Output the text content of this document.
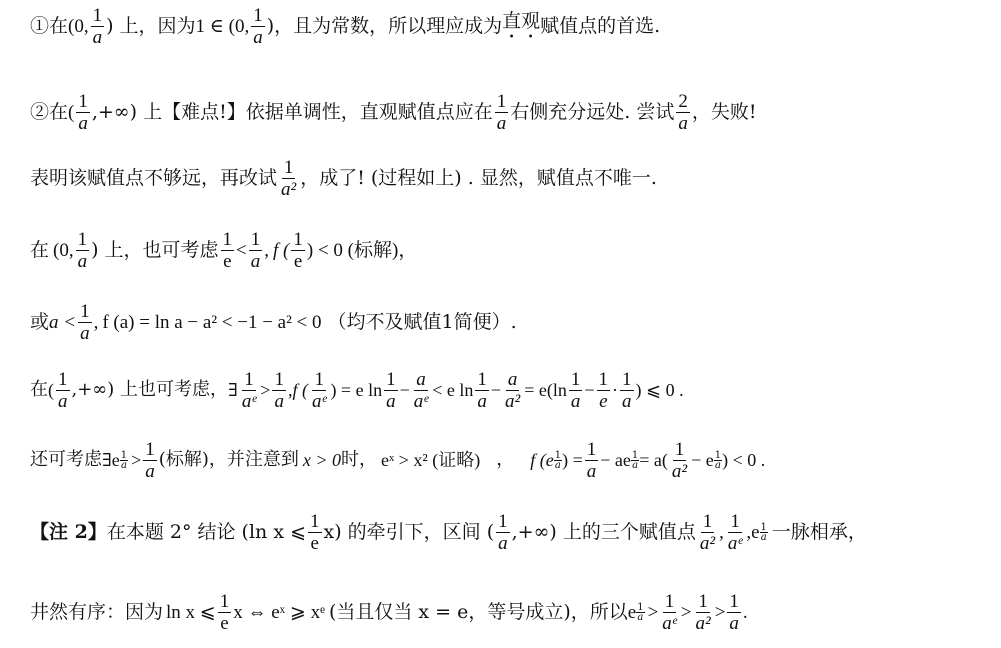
①在 (0, $\frac{1}{a}$ ) 上，因为 1 ∈ (0, $\frac{1}{a}$ )，且为常数，所以理应成为 直观 赋值点的首选.
②在 ( $\frac{1}{a}$ ,+∞) 上【难点!】依据单调性，直观赋值点应在 $\frac{1}{a}$ 右侧充分远处. 尝试 $\frac{2}{a}$ ，失败!
表明该赋值点不够远，再改试 $\frac{1}{\text{a²}}$ ，成了! (过程如上) . 显然，赋值点不唯一.
在 (0, $\frac{1}{a}$ ) 上，也可考虑 $\frac{1}{e} < \frac{1}{a}$ , f ( $\frac{1}{e}$ ) < 0 (标解)，
或 $a < \frac{1}{a}$ , f (a) = ln a − a² < −1 − a² < 0 （均不及赋值1简便）.
在 ( $\frac{1}{a}$ ,+∞) 上也可考虑， ∃ $\frac{1}{\text{aᵉ}} > \frac{1}{a}$ , f ( $\frac{1}{\text{aᵉ}}$ ) = e $\ln \frac{1}{a} - \frac{a}{\text{aᵉ}} < e$ $\ln \frac{1}{a} - \frac{a}{\text{a²}} = e(\ln \frac{1}{a} - \frac{1}{e} \cdot \frac{1}{a}$ ) ⩽ 0 .
还可考虑 ∃e $\frac{1}{a} > \frac{1}{a}$ (标解)，并注意到 x > 0 时， eˣ > x² (证略) ， f ($e \frac{1}{a}$ ) = $\frac{1}{a}$ − ae $\frac{1}{a} = a( \frac{1}{\text{a²}} - e \frac{1}{a}$ ) < 0 .
【注 2】 在本题 2° 结论 (ln x ⩽ $\frac{1}{e} x$) 的牵引下，区间 ( $\frac{1}{a}$ ,+∞) 上的三个赋值点 $\frac{1}{\text{a²}}$ , $\frac{1}{\text{aᵉ}}$ , e $\frac{1}{a}$ 一脉相承，
井然有序：因为 ln x ⩽ $\frac{1}{e}$ x ⇔ eˣ ⩾ xᵉ (当且仅当 x = e，等号成立)，所以 e $\frac{1}{a} > \frac{1}{\text{aᵉ}} > \frac{1}{\text{a²}} > \frac{1}{a}$ .
